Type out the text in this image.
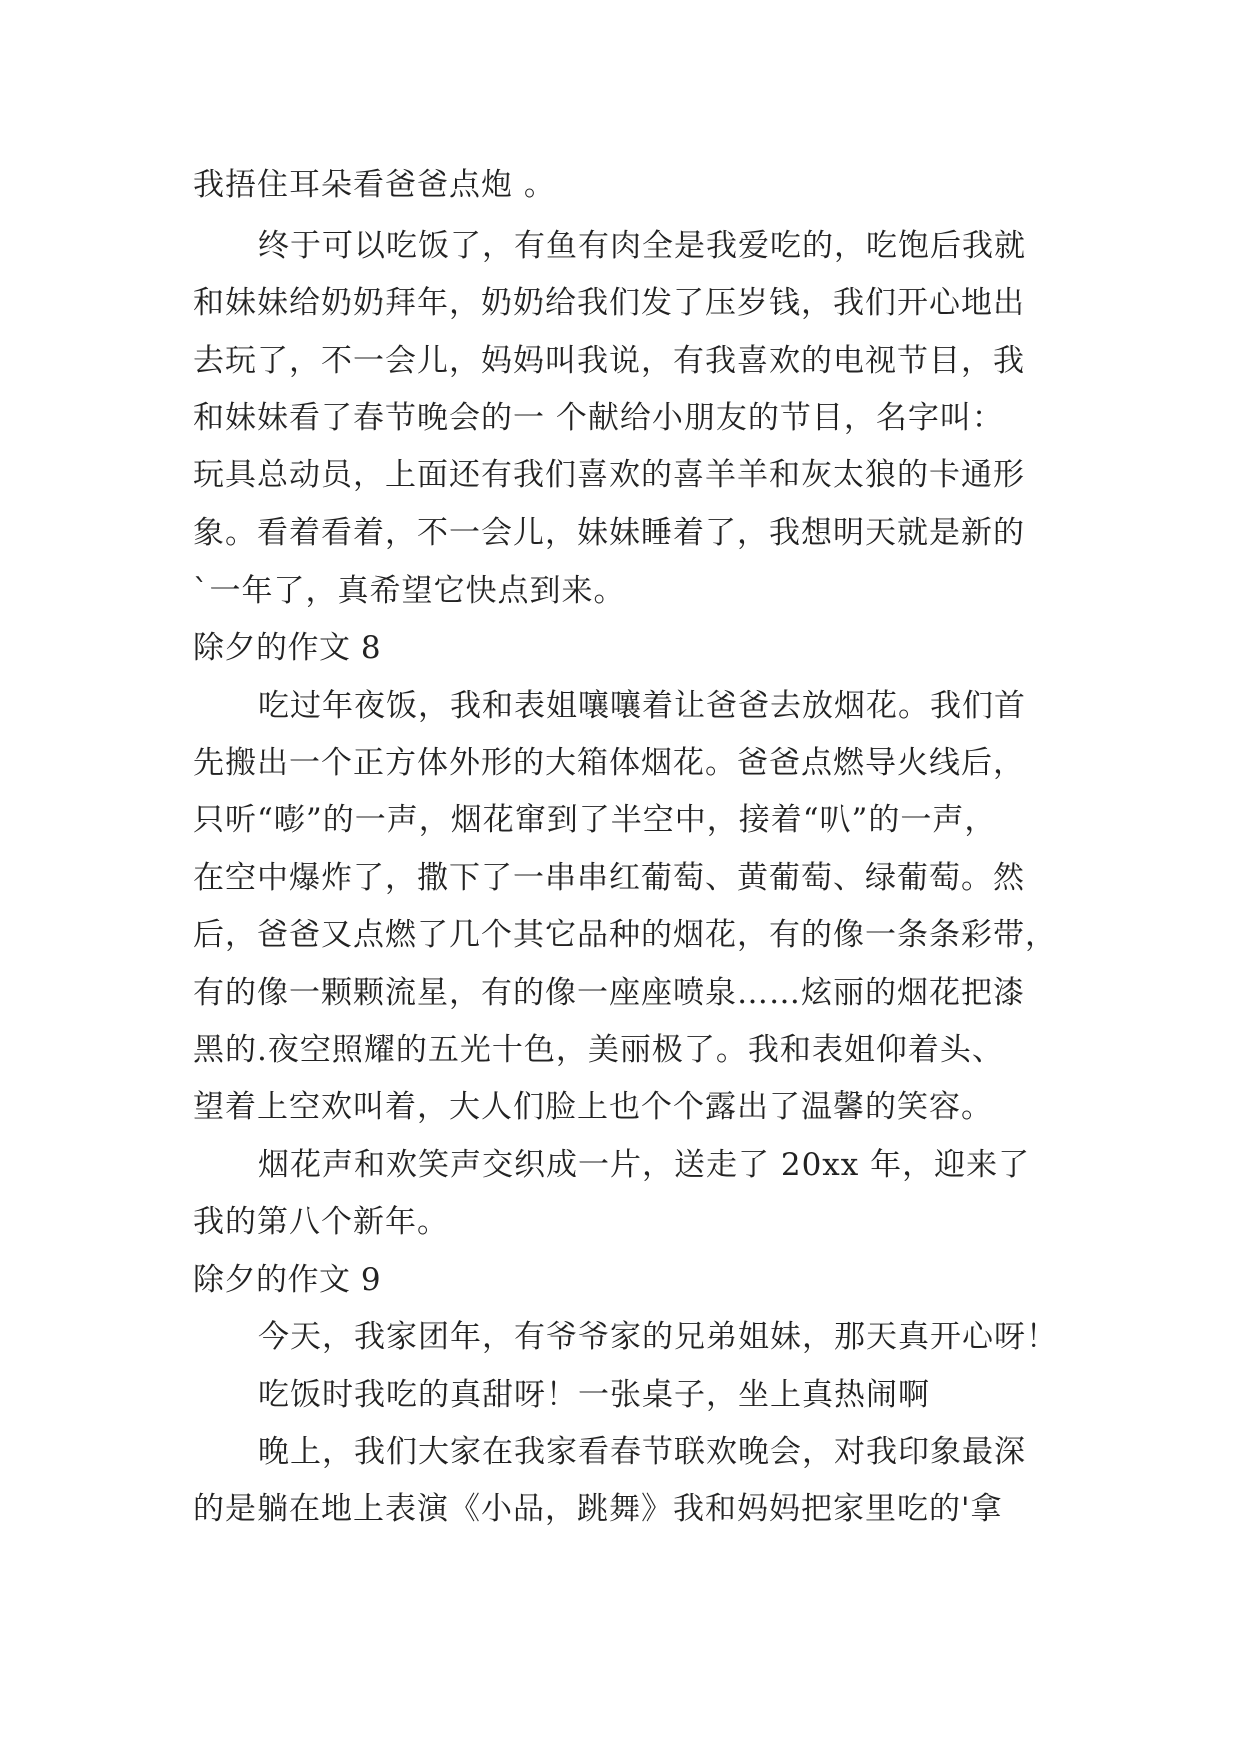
我捂住耳朵看爸爸点炮 。
终于可以吃饭了，有鱼有肉全是我爱吃的，吃饱后我就
和妹妹给奶奶拜年，奶奶给我们发了压岁钱，我们开心地出
去玩了，不一会儿，妈妈叫我说，有我喜欢的电视节目，我
和妹妹看了春节晚会的一 个献给小朋友的节目，名字叫：
玩具总动员，上面还有我们喜欢的喜羊羊和灰太狼的卡通形
象。看着看着，不一会儿，妹妹睡着了，我想明天就是新的
`一年了，真希望它快点到来。
除夕的作文 8
吃过年夜饭，我和表姐嚷嚷着让爸爸去放烟花。我们首
先搬出一个正方体外形的大箱体烟花。爸爸点燃导火线后，
只听“嘭”的一声，烟花窜到了半空中，接着“叭”的一声，
在空中爆炸了，撒下了一串串红葡萄、黄葡萄、绿葡萄。然
后，爸爸又点燃了几个其它品种的烟花，有的像一条条彩带，
有的像一颗颗流星，有的像一座座喷泉……炫丽的烟花把漆
黑的.夜空照耀的五光十色，美丽极了。我和表姐仰着头、
望着上空欢叫着，大人们脸上也个个露出了温馨的笑容。
烟花声和欢笑声交织成一片，送走了 20xx 年，迎来了
我的第八个新年。
除夕的作文 9
今天，我家团年，有爷爷家的兄弟姐妹，那天真开心呀！
吃饭时我吃的真甜呀！一张桌子，坐上真热闹啊
晚上，我们大家在我家看春节联欢晚会，对我印象最深
的是躺在地上表演《小品，跳舞》我和妈妈把家里吃的'拿
